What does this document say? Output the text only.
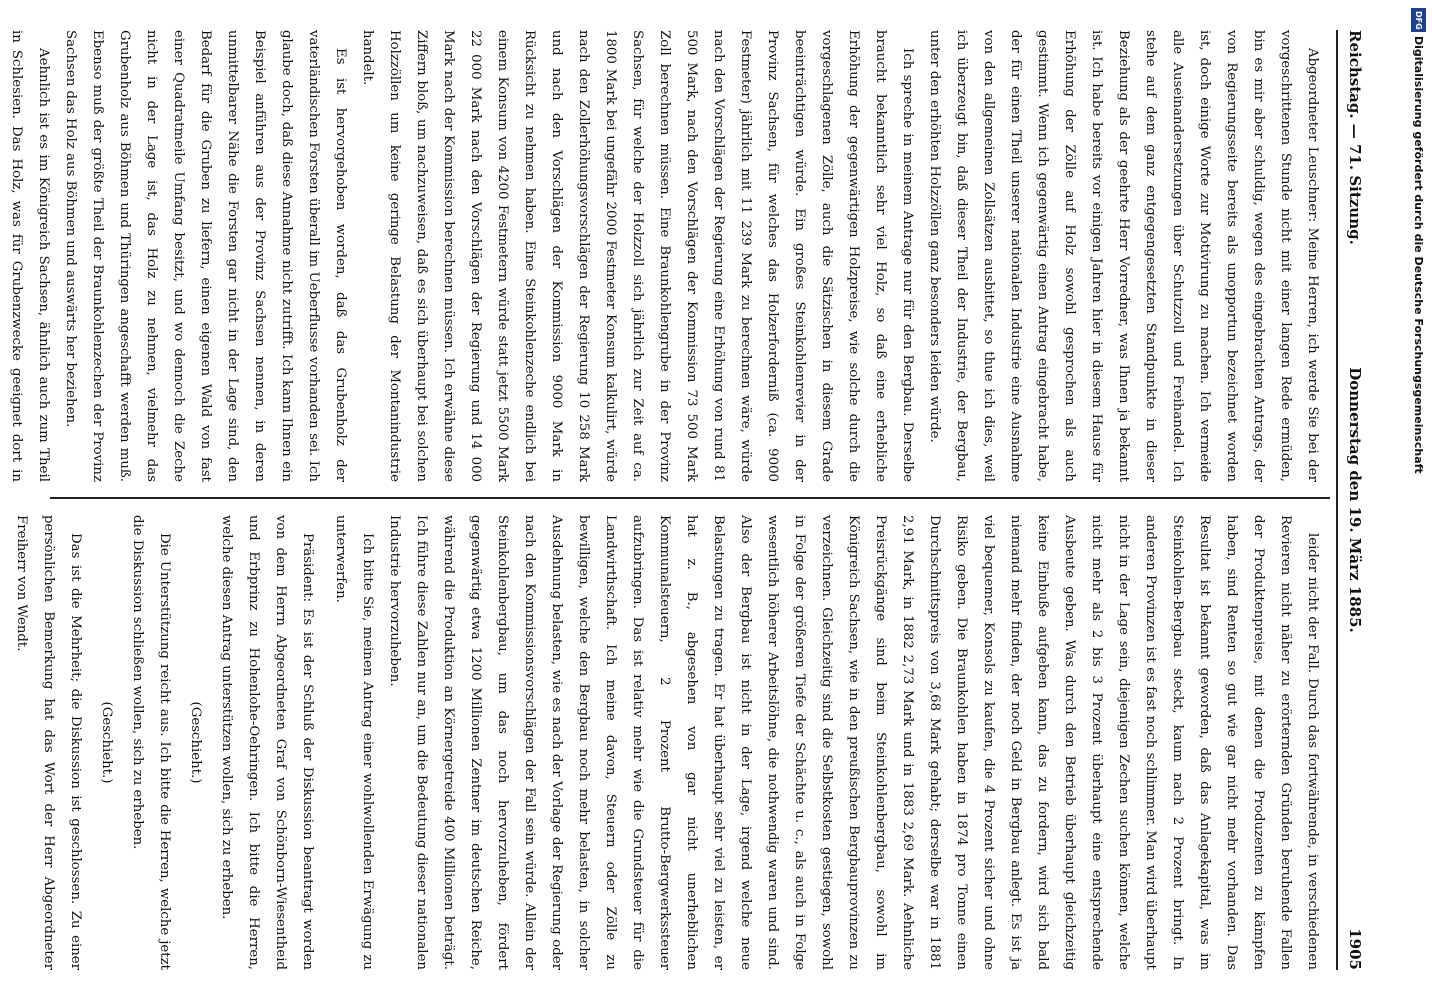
Reichstag. — 71. Sitzung.
Donnerstag den 19. März 1885.
1905

Abgeordneter Leuschner: Meine Herren, ich werde Sie bei der vorgeschrittenen Stunde nicht mit einer langen Rede ermüden, bin es mir aber schuldig, wegen des eingebrachten Antrags, der von Regierungsseite bereits als unopportun bezeichnet worden ist, doch einige Worte zur Motivirung zu machen. Ich vermeide alle Auseinandersetzungen über Schutzzoll und Freihandel. Ich stehe auf dem ganz entgegengesetzten Standpunkte in dieser Beziehung als der geehrte Herr Vorredner, was Ihnen ja bekannt ist. Ich habe bereits vor einigen Jahren hier in diesem Hause für Erhöhung der Zölle auf Holz sowohl gesprochen als auch gestimmt. Wenn ich gegenwärtig einen Antrag eingebracht habe, der für einen Theil unserer nationalen Industrie eine Ausnahme von den allgemeinen Zollsätzen ausbittet, so thue ich dies, weil ich überzeugt bin, daß dieser Theil der Industrie, der Bergbau, unter den erhöhten Holzzöllen ganz besonders leiden würde.

Ich spreche in meinem Antrage nur für den Bergbau. Derselbe braucht bekanntlich sehr viel Holz, so daß eine erhebliche Erhöhung der gegenwärtigen Holzpreise, wie solche durch die vorgeschlagenen Zölle, auch die Sätzischen in diesem Grade beeinträchtigen würde. Ein großes Steinkohlenrevier in der Provinz Sachsen, für welches das Holzerforderniß (ca. 9000 Festmeter) jährlich mit 11 239 Mark zu berechnen wäre, würde nach den Vorschlägen der Regierung eine Erhöhung von rund 81 500 Mark, nach den Vorschlägen der Kommission 73 500 Mark Zoll berechnen müssen. Eine Braunkohlengrube in der Provinz Sachsen, für welche der Holzzoll sich jährlich zur Zeit auf ca. 1800 Mark bei ungefähr 2000 Festmeter Konsum kalkulirt, würde nach den Zollerhöhungsvorschlägen der Regierung 10 258 Mark und nach den Vorschlägen der Kommission 9000 Mark in Rücksicht zu nehmen haben. Eine Steinkohlenzeche endlich bei einem Konsum von 4200 Festmetern würde statt jetzt 5500 Mark 22 000 Mark nach den Vorschlägen der Regierung und 14 000 Mark nach der Kommission berechnen müssen. Ich erwähne diese Ziffern bloß, um nachzuweisen, daß es sich überhaupt bei solchen Holzzöllen um keine geringe Belastung der Montanindustrie handelt.

Es ist hervorgehoben worden, daß das Grubenholz der vaterländischen Forsten überall im Ueberflusse vorhanden sei. Ich glaube doch, daß diese Annahme nicht zutrifft. Ich kann Ihnen ein Beispiel anführen aus der Provinz Sachsen nennen, in deren unmittelbarer Nähe die Forsten gar nicht in der Lage sind, den Bedarf für die Gruben zu liefern, einen eigenen Wald von fast einer Quadratmeile Umfang besitzt, und wo dennoch die Zeche nicht in der Lage ist, das Holz zu nehmen, vielmehr das Grubenholz aus Böhmen und Thüringen angeschafft werden muß. Ebenso muß der größte Theil der Braunkohlenzechen der Provinz Sachsen das Holz aus Böhmen und auswärts her beziehen.

Aehnlich ist es im Königreich Sachsen, ähnlich auch zum Theil in Schlesien. Das Holz, was für Grubenzwecke geeignet dort in

leider nicht der Fall. Durch das fortwährende, in verschiedenen Revieren nicht näher zu erörternden Gründen beruhende Fallen der Produktenpreise, mit denen die Produzenten zu kämpfen haben, sind Renten so gut wie gar nicht mehr vorhanden. Das Resultat ist bekannt geworden, daß das Anlagekapital, was im Steinkohlen-Bergbau steckt, kaum nach 2 Prozent bringt. In anderen Provinzen ist es fast noch schlimmer. Man wird überhaupt nicht in der Lage sein, diejenigen Zechen suchen können, welche nicht mehr als 2 bis 3 Prozent überhaupt eine entsprechende Ausbeute geben. Was durch den Betrieb überhaupt gleichzeitig keine Einbuße aufgeben kann, das zu fordern, wird sich bald niemand mehr finden, der noch Geld in Bergbau anlegt. Es ist ja viel bequemer, Konsols zu kaufen, die 4 Prozent sicher und ohne Risiko geben. Die Braunkohlen haben in 1874 pro Tonne einen Durchschnittspreis von 3,68 Mark gehabt; derselbe war in 1881 2,91 Mark, in 1882 2,73 Mark und in 1883 2,69 Mark. Aehnliche Preisrückgänge sind beim Steinkohlenbergbau, sowohl im Königreich Sachsen, wie in den preußischen Bergbauprovinzen zu verzeichnen. Gleichzeitig sind die Selbstkosten gestiegen, sowohl in Folge der größeren Tiefe der Schächte u. c., als auch in Folge wesentlich höherer Arbeitslöhne, die nothwendig waren und sind. Also der Bergbau ist nicht in der Lage, irgend welche neue Belastungen zu tragen. Er hat überhaupt sehr viel zu leisten, er hat z. B., abgesehen von gar nicht unerheblichen Kommunalsteuern, 2 Prozent Brutto-Bergwerkssteuer aufzubringen. Das ist relativ mehr wie die Grundsteuer für die Landwirthschaft. Ich meine davon, Steuern oder Zölle zu bewilligen, welche den Bergbau noch mehr belasten, in solcher Ausdehnung belasten, wie es nach der Vorlage der Regierung oder nach den Kommissionsvorschlägen der Fall sein würde. Allein der Steinkohlenbergbau, um das noch hervorzuheben, fördert gegenwärtig etwa 1200 Millionen Zentner im deutschen Reiche, während die Produktion an Körnergetreide 400 Millionen beträgt. Ich führe diese Zahlen nur an, um die Bedeutung dieser nationalen Industrie hervorzuheben.

Ich bitte Sie, meinen Antrag einer wohlwollenden Erwägung zu unterwerfen.

Präsident: Es ist der Schluß der Diskussion beantragt worden von dem Herrn Abgeordneten Graf von Schönborn-Wiesentheid und Erbprinz zu Hohenlohe-Oehringen. Ich bitte die Herren, welche diesen Antrag unterstützen wollen, sich zu erheben.

(Geschieht.)

Die Unterstützung reicht aus. Ich bitte die Herren, welche jetzt die Diskussion schließen wollen, sich zu erheben.

(Geschieht.)

Das ist die Mehrheit; die Diskussion ist geschlossen. Zu einer persönlichen Bemerkung hat das Wort der Herr Abgeordneter Freiherr von Wendt.

DFG
Digitalisierung gefördert durch die Deutsche Forschungsgemeinschaft
